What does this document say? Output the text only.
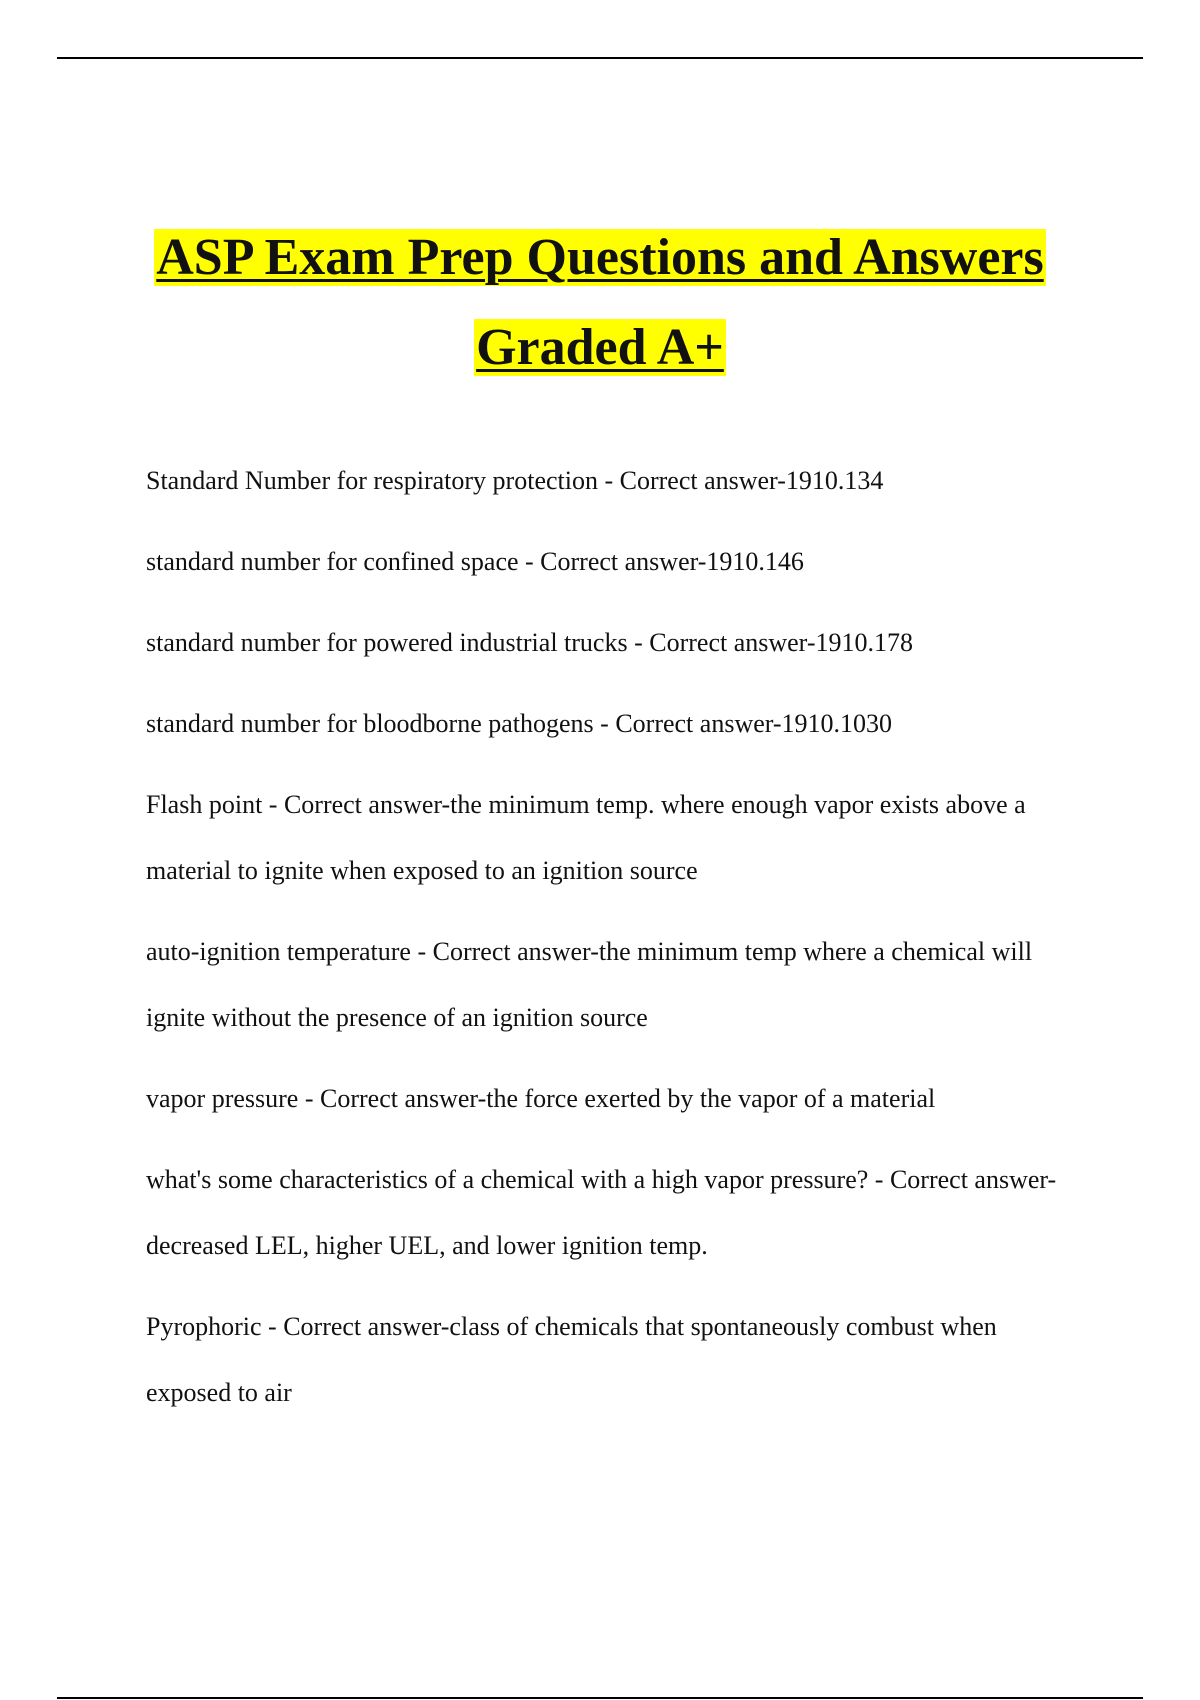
ASP Exam Prep Questions and Answers
Graded A+

Standard Number for respiratory protection - Correct answer-1910.134

standard number for confined space - Correct answer-1910.146

standard number for powered industrial trucks - Correct answer-1910.178

standard number for bloodborne pathogens - Correct answer-1910.1030

Flash point - Correct answer-the minimum temp. where enough vapor exists above a material to ignite when exposed to an ignition source

auto-ignition temperature - Correct answer-the minimum temp where a chemical will ignite without the presence of an ignition source

vapor pressure - Correct answer-the force exerted by the vapor of a material

what's some characteristics of a chemical with a high vapor pressure? - Correct answer-decreased LEL, higher UEL, and lower ignition temp.

Pyrophoric - Correct answer-class of chemicals that spontaneously combust when exposed to air
